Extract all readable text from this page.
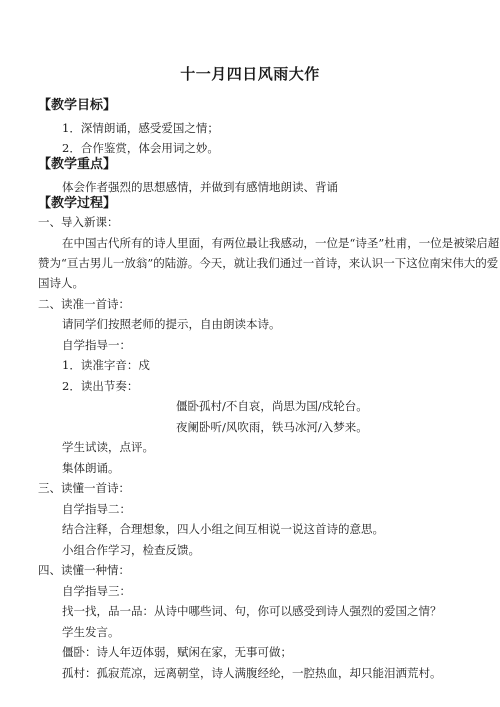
十一月四日风雨大作
【教学目标】
1．深情朗诵，感受爱国之情；
2．合作鉴赏，体会用词之妙。
【教学重点】
体会作者强烈的思想感情，并做到有感情地朗读、背诵
【教学过程】
一、导入新课：
在中国古代所有的诗人里面，有两位最让我感动，一位是“诗圣”杜甫，一位是被梁启超
赞为“亘古男儿一放翁”的陆游。今天，就让我们通过一首诗，来认识一下这位南宋伟大的爱
国诗人。
二、读准一首诗：
请同学们按照老师的提示，自由朗读本诗。
自学指导一：
1．读准字音：戍
2．读出节奏：
僵卧孤村/不自哀，尚思为国/戍轮台。
夜阑卧听/风吹雨，铁马冰河/入梦来。
学生试读，点评。
集体朗诵。
三、读懂一首诗：
自学指导二：
结合注释，合理想象，四人小组之间互相说一说这首诗的意思。
小组合作学习，检查反馈。
四、读懂一种情：
自学指导三：
找一找，品一品：从诗中哪些词、句，你可以感受到诗人强烈的爱国之情？
学生发言。
僵卧：诗人年迈体弱，赋闲在家，无事可做；
孤村：孤寂荒凉，远离朝堂，诗人满腹经纶，一腔热血，却只能泪洒荒村。
